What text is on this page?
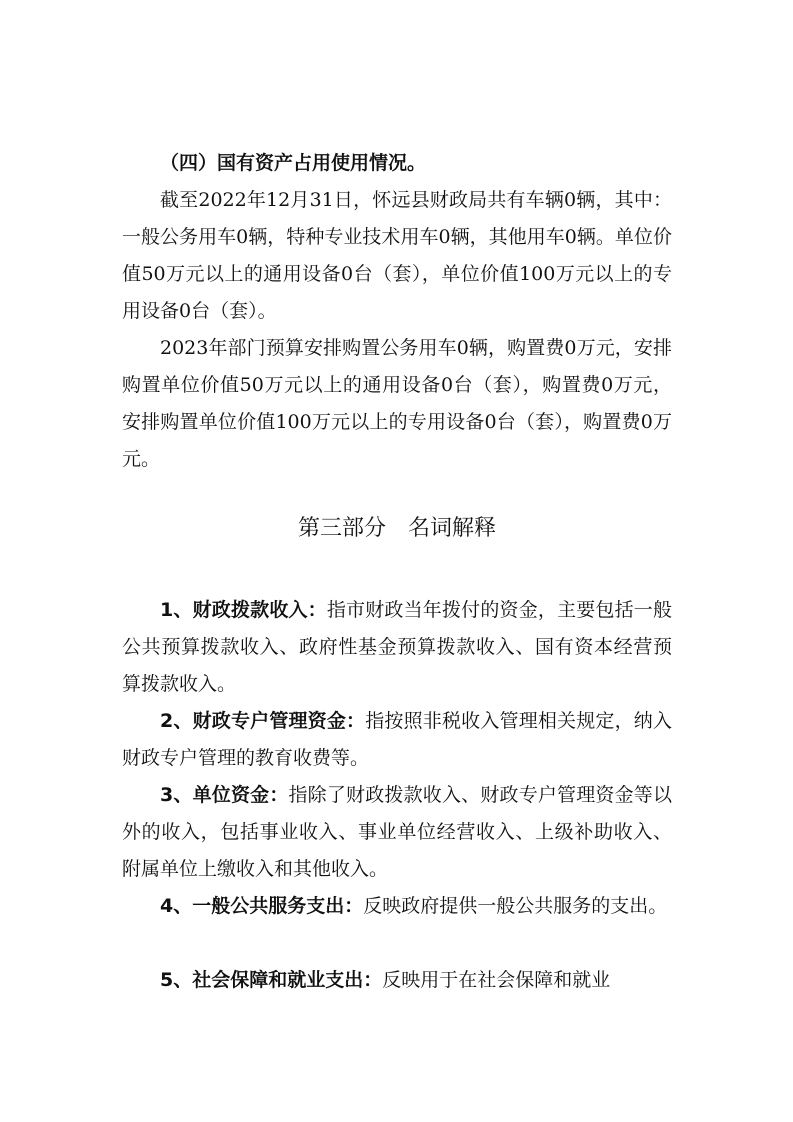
（四）国有资产占用使用情况。

截至2022年12月31日，怀远县财政局共有车辆0辆，其中：一般公务用车0辆，特种专业技术用车0辆，其他用车0辆。单位价值50万元以上的通用设备0台（套），单位价值100万元以上的专用设备0台（套）。

2023年部门预算安排购置公务用车0辆，购置费0万元，安排购置单位价值50万元以上的通用设备0台（套），购置费0万元，安排购置单位价值100万元以上的专用设备0台（套），购置费0万元。

第三部分　名词解释

1、财政拨款收入：指市财政当年拨付的资金，主要包括一般公共预算拨款收入、政府性基金预算拨款收入、国有资本经营预算拨款收入。

2、财政专户管理资金：指按照非税收入管理相关规定，纳入财政专户管理的教育收费等。

3、单位资金：指除了财政拨款收入、财政专户管理资金等以外的收入，包括事业收入、事业单位经营收入、上级补助收入、附属单位上缴收入和其他收入。

4、一般公共服务支出：反映政府提供一般公共服务的支出。

5、社会保障和就业支出：反映用于在社会保障和就业
